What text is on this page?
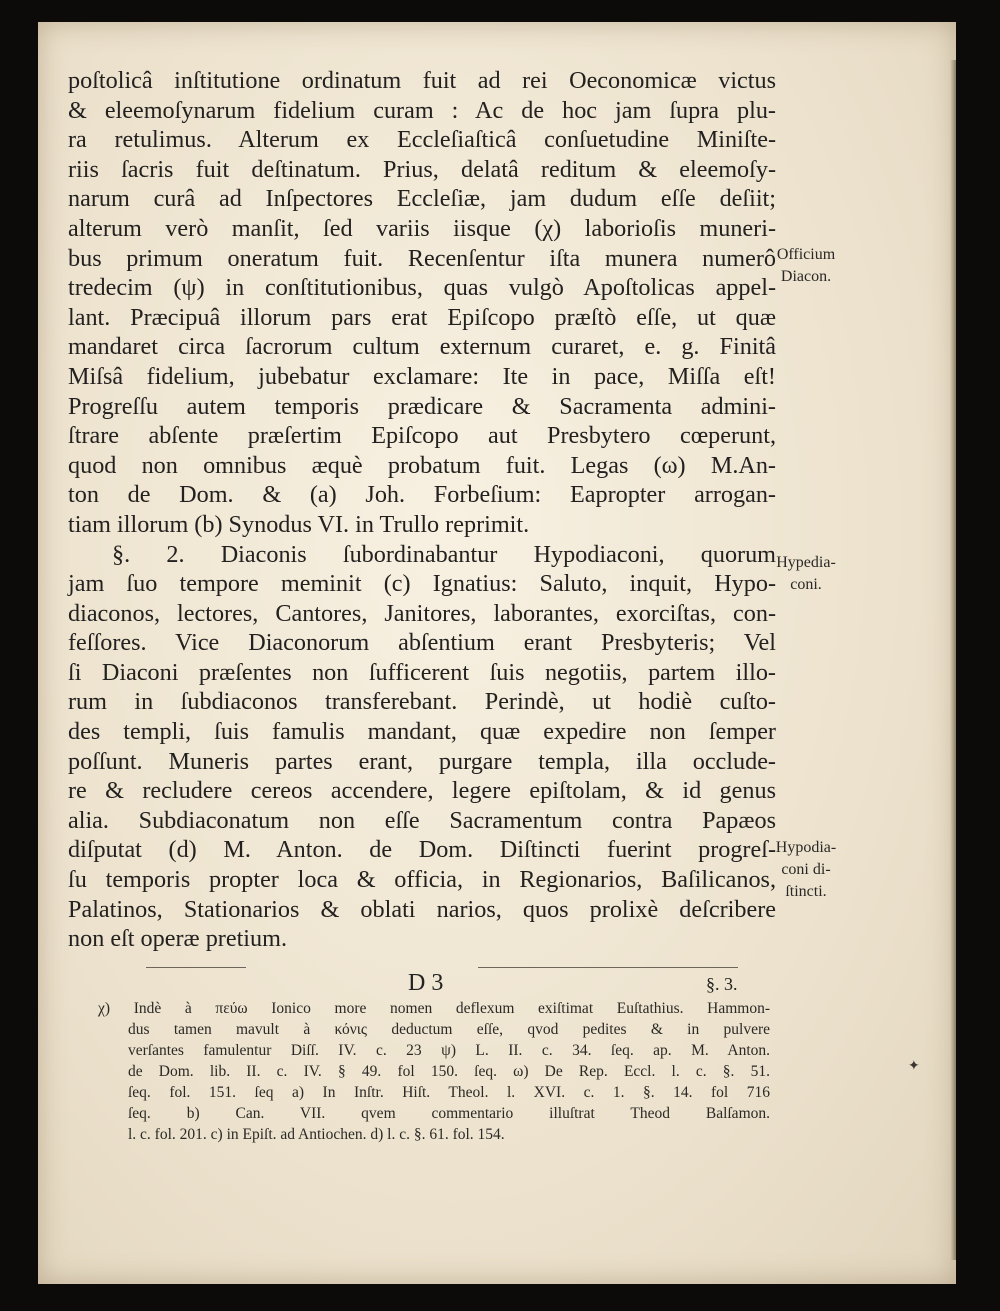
poſtolicâ inſtitutione ordinatum fuit ad rei Oeconomicæ victus
& eleemoſynarum fidelium curam : Ac de hoc jam ſupra plu-
ra retulimus. Alterum ex Eccleſiaſticâ conſuetudine Miniſte-
riis ſacris fuit deſtinatum. Prius, delatâ reditum & eleemoſy-
narum curâ ad Inſpectores Eccleſiæ, jam dudum eſſe deſiit;
alterum verò manſit, ſed variis iisque (χ) laborioſis muneri-
bus primum oneratum fuit. Recenſentur iſta munera numerô
tredecim (ψ) in conſtitutionibus, quas vulgò Apoſtolicas appel-
lant. Præcipuâ illorum pars erat Epiſcopo præſtò eſſe, ut quæ
mandaret circa ſacrorum cultum externum curaret, e. g. Finitâ
Miſsâ fidelium, jubebatur exclamare: Ite in pace, Miſſa eſt!
Progreſſu autem temporis prædicare & Sacramenta admini-
ſtrare abſente præſertim Epiſcopo aut Presbytero cœperunt,
quod non omnibus æquè probatum fuit. Legas (ω) M.An-
ton de Dom. & (a) Joh. Forbeſium: Eapropter arrogan-
tiam illorum (b) Synodus VI. in Trullo reprimit.
§. 2. Diaconis ſubordinabantur Hypodiaconi, quorum
jam ſuo tempore meminit (c) Ignatius: Saluto, inquit, Hypo-
diaconos, lectores, Cantores, Janitores, laborantes, exorciſtas, con-
feſſores. Vice Diaconorum abſentium erant Presbyteris; Vel
ſi Diaconi præſentes non ſufficerent ſuis negotiis, partem illo-
rum in ſubdiaconos transferebant. Perindè, ut hodiè cuſto-
des templi, ſuis famulis mandant, quæ expedire non ſemper
poſſunt. Muneris partes erant, purgare templa, illa occlude-
re & recludere cereos accendere, legere epiſtolam, & id genus
alia. Subdiaconatum non eſſe Sacramentum contra Papæos
diſputat (d) M. Anton. de Dom. Diſtincti fuerint progreſ-
ſu temporis propter loca & officia, in Regionarios, Baſilicanos,
Palatinos, Stationarios & oblati narios, quos prolixè deſcribere
non eſt operæ pretium.
Officium
Diacon.
Hypedia-
coni.
Hypodia-
coni di-
ſtincti.
D 3	§. 3.
χ) Indè à πεύω Ionico more nomen deflexum exiſtimat Euſtathius. Hammon-
dus tamen mavult à κόνις deductum eſſe, qvod pedites & in pulvere
verſantes famulentur Diſſ. IV. c. 23 ψ) L. II. c. 34. ſeq. ap. M. Anton.
de Dom. lib. II. c. IV. § 49. fol 150. ſeq. ω) De Rep. Eccl. l. c. §. 51.
ſeq. fol. 151. ſeq a) In Inſtr. Hiſt. Theol. l. XVI. c. 1. §. 14. fol 716
ſeq. b) Can. VII. qvem commentario illuſtrat Theod Balſamon.
l. c. fol. 201. c) in Epiſt. ad Antiochen. d) l. c. §. 61. fol. 154.
✦
